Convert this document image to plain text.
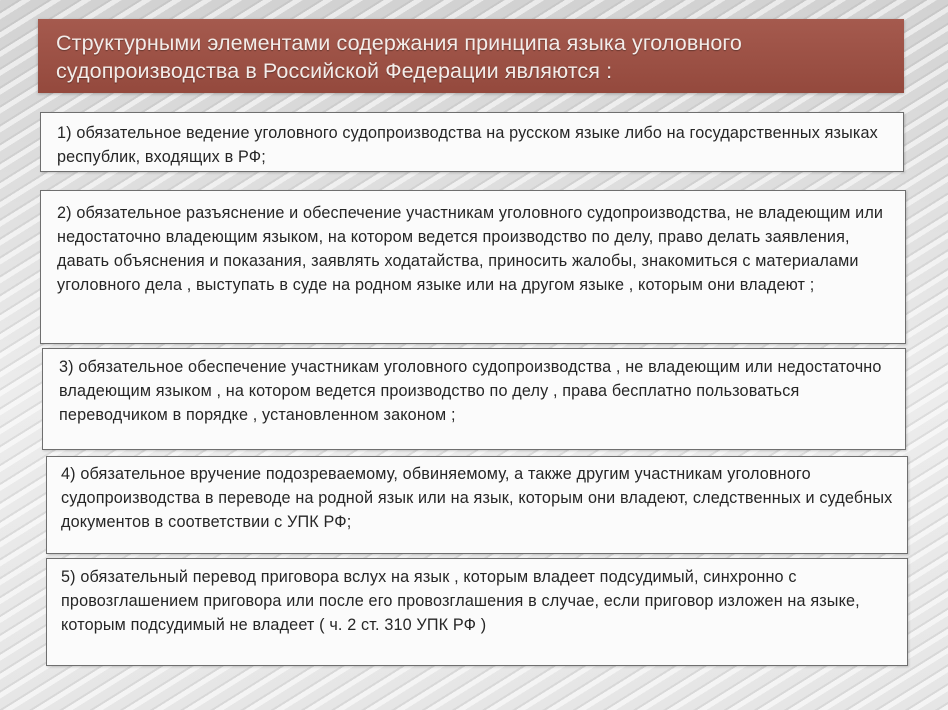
Структурными элементами содержания принципа языка уголовного судопроизводства в Российской Федерации являются :
1) обязательное ведение уголовного судопроизводства на русском языке либо на государственных языках республик, входящих в РФ;
2) обязательное разъяснение и обеспечение участникам уголовного судопроизводства, не владеющим или недостаточно владеющим языком, на котором ведется производство по делу, право делать заявления, давать объяснения и показания, заявлять ходатайства, приносить жалобы, знакомиться с материалами уголовного дела , выступать в суде на родном языке или на другом языке , которым они владеют ;
3) обязательное обеспечение участникам уголовного судопроизводства , не владеющим или недостаточно владеющим языком , на котором ведется производство по делу , права бесплатно пользоваться переводчиком в порядке , установленном законом ;
4) обязательное вручение подозреваемому, обвиняемому, а также другим участникам уголовного судопроизводства в переводе на родной язык или на язык, которым они владеют, следственных и судебных документов в соответствии с УПК РФ;
5) обязательный перевод приговора вслух на язык , которым владеет подсудимый, синхронно с провозглашением приговора или после его провозглашения в случае, если приговор изложен на языке, которым подсудимый не владеет ( ч. 2 ст. 310 УПК РФ )
